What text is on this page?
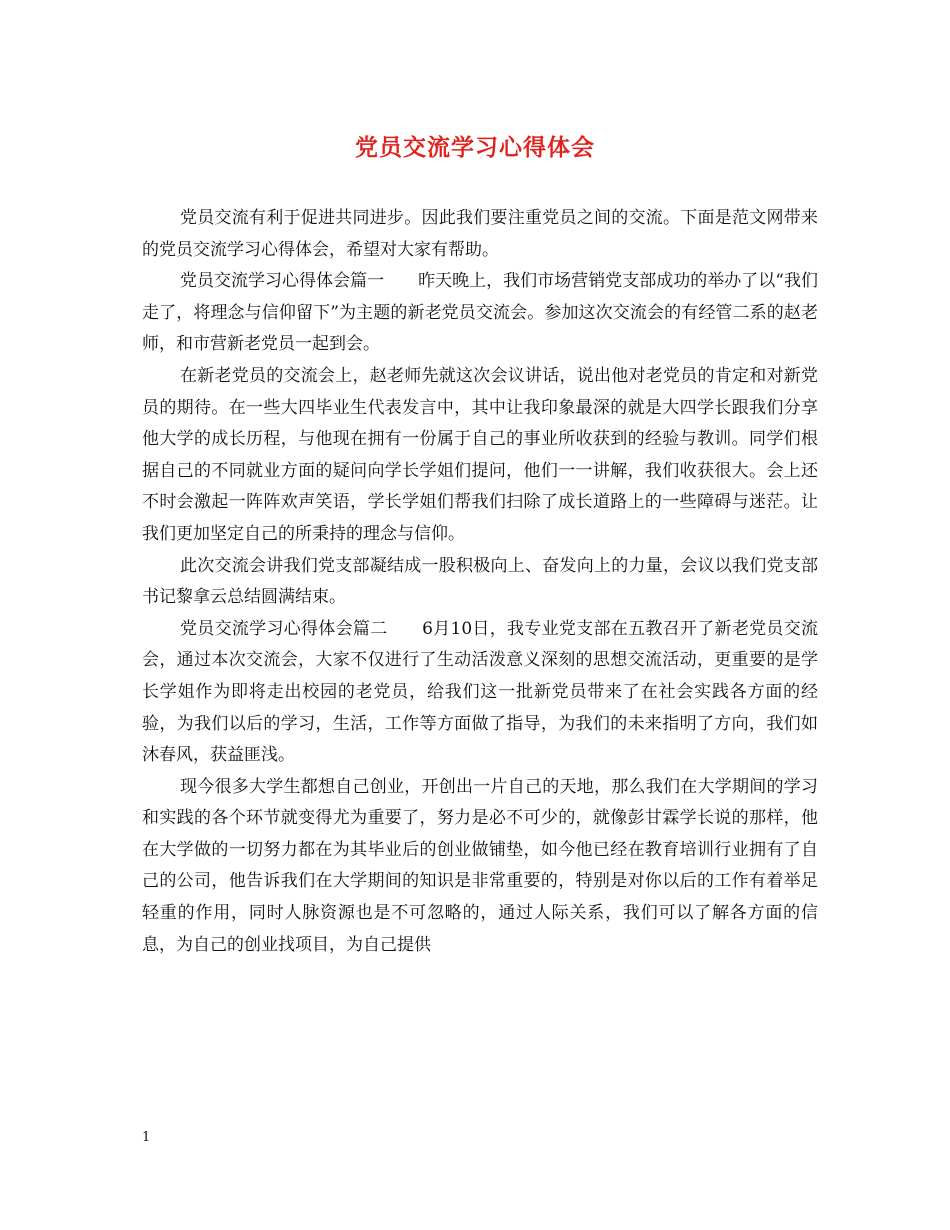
党员交流学习心得体会

党员交流有利于促进共同进步。因此我们要注重党员之间的交流。下面是范文网带来的党员交流学习心得体会，希望对大家有帮助。

党员交流学习心得体会篇一　　昨天晚上，我们市场营销党支部成功的举办了以“我们走了，将理念与信仰留下”为主题的新老党员交流会。参加这次交流会的有经管二系的赵老师，和市营新老党员一起到会。

在新老党员的交流会上，赵老师先就这次会议讲话，说出他对老党员的肯定和对新党员的期待。在一些大四毕业生代表发言中，其中让我印象最深的就是大四学长跟我们分享他大学的成长历程，与他现在拥有一份属于自己的事业所收获到的经验与教训。同学们根据自己的不同就业方面的疑问向学长学姐们提问，他们一一讲解，我们收获很大。会上还不时会激起一阵阵欢声笑语，学长学姐们帮我们扫除了成长道路上的一些障碍与迷茫。让我们更加坚定自己的所秉持的理念与信仰。

此次交流会讲我们党支部凝结成一股积极向上、奋发向上的力量，会议以我们党支部书记黎拿云总结圆满结束。

党员交流学习心得体会篇二　　6月10日，我专业党支部在五教召开了新老党员交流会，通过本次交流会，大家不仅进行了生动活泼意义深刻的思想交流活动，更重要的是学长学姐作为即将走出校园的老党员，给我们这一批新党员带来了在社会实践各方面的经验，为我们以后的学习，生活，工作等方面做了指导，为我们的未来指明了方向，我们如沐春风，获益匪浅。

现今很多大学生都想自己创业，开创出一片自己的天地，那么我们在大学期间的学习和实践的各个环节就变得尤为重要了，努力是必不可少的，就像彭甘霖学长说的那样，他在大学做的一切努力都在为其毕业后的创业做铺垫，如今他已经在教育培训行业拥有了自己的公司，他告诉我们在大学期间的知识是非常重要的，特别是对你以后的工作有着举足轻重的作用，同时人脉资源也是不可忽略的，通过人际关系，我们可以了解各方面的信息，为自己的创业找项目，为自己提供

1
